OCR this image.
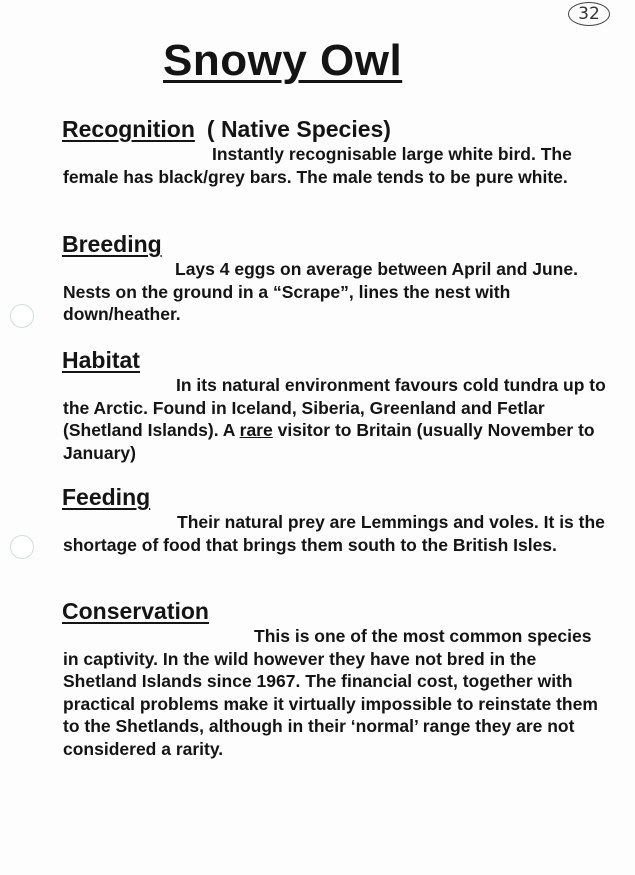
32
Snowy Owl
Recognition ( Native Species)

Instantly recognisable large white bird. The female has black/grey bars. The male tends to be pure white.

Breeding

Lays 4 eggs on average between April and June. Nests on the ground in a “Scrape”, lines the nest with down/heather.

Habitat

In its natural environment favours cold tundra up to the Arctic. Found in Iceland, Siberia, Greenland and Fetlar (Shetland Islands). A rare visitor to Britain (usually November to January)

Feeding

Their natural prey are Lemmings and voles. It is the shortage of food that brings them south to the British Isles.

Conservation

This is one of the most common species in captivity. In the wild however they have not bred in the Shetland Islands since 1967. The financial cost, together with practical problems make it virtually impossible to reinstate them to the Shetlands, although in their ‘normal’ range they are not considered a rarity.
